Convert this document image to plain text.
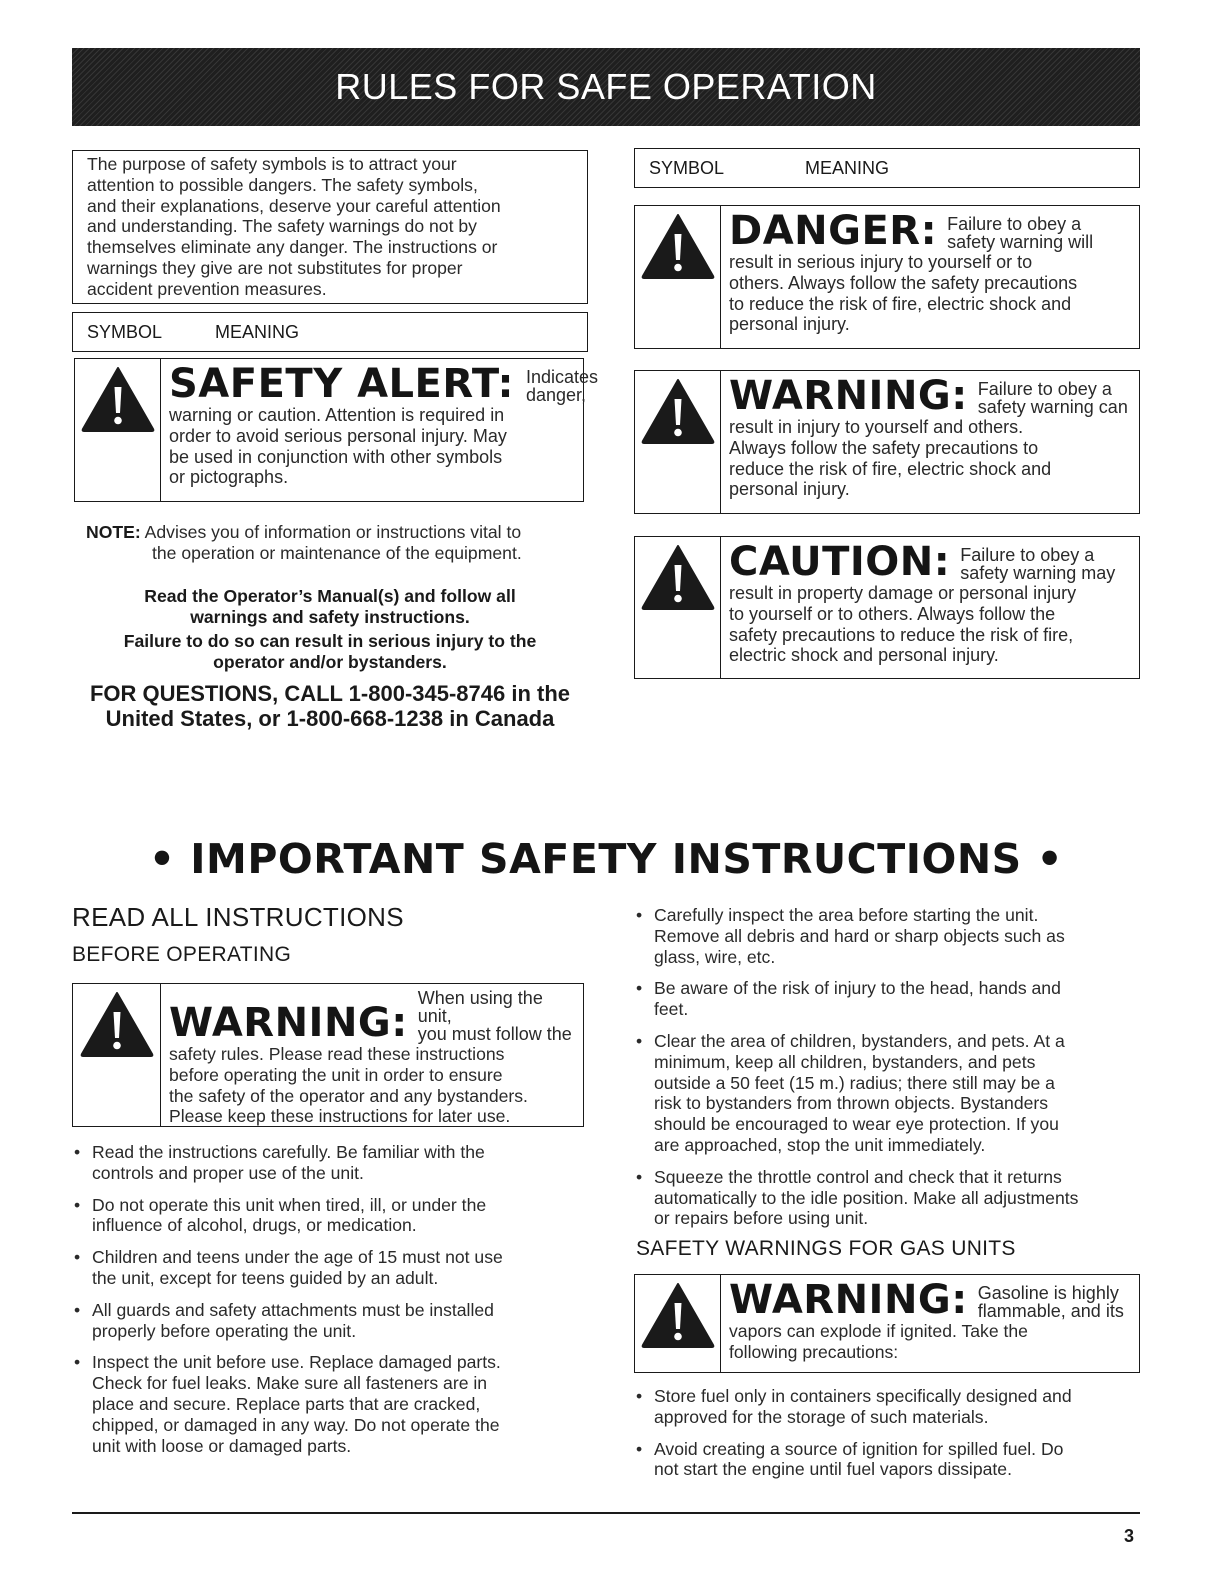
RULES FOR SAFE OPERATION
The purpose of safety symbols is to attract your
attention to possible dangers. The safety symbols,
and their explanations, deserve your careful attention
and understanding. The safety warnings do not by
themselves eliminate any danger. The instructions or
warnings they give are not substitutes for proper
accident prevention measures.
SYMBOL	MEANING
SAFETY ALERT: Indicates
danger,
warning or caution. Attention is required in
order to avoid serious personal injury. May
be used in conjunction with other symbols
or pictographs.
NOTE: Advises you of information or instructions vital to
the operation or maintenance of the equipment.
Read the Operator’s Manual(s) and follow all
warnings and safety instructions.
Failure to do so can result in serious injury to the
operator and/or bystanders.
FOR QUESTIONS, CALL 1-800-345-8746 in the
United States, or 1-800-668-1238 in Canada
SYMBOL	MEANING
DANGER: Failure to obey a
safety warning will
result in serious injury to yourself or to
others. Always follow the safety precautions
to reduce the risk of fire, electric shock and
personal injury.
WARNING: Failure to obey a
safety warning can
result in injury to yourself and others.
Always follow the safety precautions to
reduce the risk of fire, electric shock and
personal injury.
CAUTION: Failure to obey a
safety warning may
result in property damage or personal injury
to yourself or to others. Always follow the
safety precautions to reduce the risk of fire,
electric shock and personal injury.
• IMPORTANT SAFETY INSTRUCTIONS •
READ ALL INSTRUCTIONS
BEFORE OPERATING
WARNING:
When using the unit,
you must follow the
safety rules. Please read these instructions
before operating the unit in order to ensure
the safety of the operator and any bystanders.
Please keep these instructions for later use.
• Read the instructions carefully. Be familiar with the
controls and proper use of the unit.
• Do not operate this unit when tired, ill, or under the
influence of alcohol, drugs, or medication.
• Children and teens under the age of 15 must not use
the unit, except for teens guided by an adult.
• All guards and safety attachments must be installed
properly before operating the unit.
• Inspect the unit before use. Replace damaged parts.
Check for fuel leaks. Make sure all fasteners are in
place and secure. Replace parts that are cracked,
chipped, or damaged in any way. Do not operate the
unit with loose or damaged parts.
• Carefully inspect the area before starting the unit.
Remove all debris and hard or sharp objects such as
glass, wire, etc.
• Be aware of the risk of injury to the head, hands and
feet.
• Clear the area of children, bystanders, and pets. At a
minimum, keep all children, bystanders, and pets
outside a 50 feet (15 m.) radius; there still may be a
risk to bystanders from thrown objects. Bystanders
should be encouraged to wear eye protection. If you
are approached, stop the unit immediately.
• Squeeze the throttle control and check that it returns
automatically to the idle position. Make all adjustments
or repairs before using unit.
SAFETY WARNINGS FOR GAS UNITS
WARNING: Gasoline is highly
flammable, and its
vapors can explode if ignited. Take the
following precautions:
• Store fuel only in containers specifically designed and
approved for the storage of such materials.
• Avoid creating a source of ignition for spilled fuel. Do
not start the engine until fuel vapors dissipate.
3
